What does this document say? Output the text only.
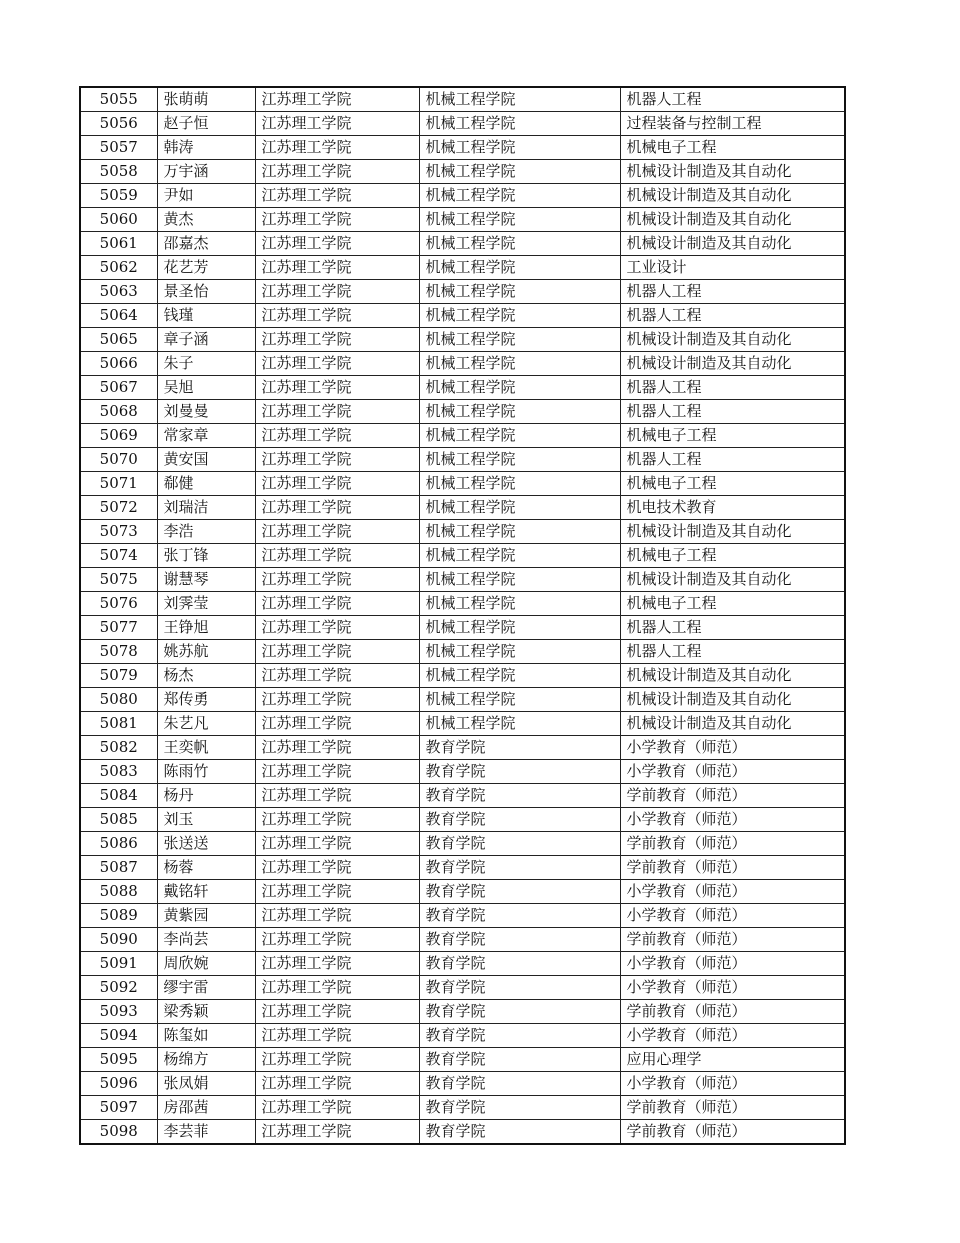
5055	张萌萌	江苏理工学院	机械工程学院	机器人工程
5056	赵子恒	江苏理工学院	机械工程学院	过程装备与控制工程
5057	韩涛	江苏理工学院	机械工程学院	机械电子工程
5058	万宇涵	江苏理工学院	机械工程学院	机械设计制造及其自动化
5059	尹如	江苏理工学院	机械工程学院	机械设计制造及其自动化
5060	黄杰	江苏理工学院	机械工程学院	机械设计制造及其自动化
5061	邵嘉杰	江苏理工学院	机械工程学院	机械设计制造及其自动化
5062	花艺芳	江苏理工学院	机械工程学院	工业设计
5063	景圣怡	江苏理工学院	机械工程学院	机器人工程
5064	钱瑾	江苏理工学院	机械工程学院	机器人工程
5065	章子涵	江苏理工学院	机械工程学院	机械设计制造及其自动化
5066	朱子	江苏理工学院	机械工程学院	机械设计制造及其自动化
5067	吴旭	江苏理工学院	机械工程学院	机器人工程
5068	刘曼曼	江苏理工学院	机械工程学院	机器人工程
5069	常家章	江苏理工学院	机械工程学院	机械电子工程
5070	黄安国	江苏理工学院	机械工程学院	机器人工程
5071	郗健	江苏理工学院	机械工程学院	机械电子工程
5072	刘瑞洁	江苏理工学院	机械工程学院	机电技术教育
5073	李浩	江苏理工学院	机械工程学院	机械设计制造及其自动化
5074	张丁锋	江苏理工学院	机械工程学院	机械电子工程
5075	谢慧琴	江苏理工学院	机械工程学院	机械设计制造及其自动化
5076	刘霁莹	江苏理工学院	机械工程学院	机械电子工程
5077	王铮旭	江苏理工学院	机械工程学院	机器人工程
5078	姚苏航	江苏理工学院	机械工程学院	机器人工程
5079	杨杰	江苏理工学院	机械工程学院	机械设计制造及其自动化
5080	郑传勇	江苏理工学院	机械工程学院	机械设计制造及其自动化
5081	朱艺凡	江苏理工学院	机械工程学院	机械设计制造及其自动化
5082	王奕帆	江苏理工学院	教育学院	小学教育（师范）
5083	陈雨竹	江苏理工学院	教育学院	小学教育（师范）
5084	杨丹	江苏理工学院	教育学院	学前教育（师范）
5085	刘玉	江苏理工学院	教育学院	小学教育（师范）
5086	张送送	江苏理工学院	教育学院	学前教育（师范）
5087	杨蓉	江苏理工学院	教育学院	学前教育（师范）
5088	戴铭轩	江苏理工学院	教育学院	小学教育（师范）
5089	黄紫园	江苏理工学院	教育学院	小学教育（师范）
5090	李尚芸	江苏理工学院	教育学院	学前教育（师范）
5091	周欣婉	江苏理工学院	教育学院	小学教育（师范）
5092	缪宇雷	江苏理工学院	教育学院	小学教育（师范）
5093	梁秀颖	江苏理工学院	教育学院	学前教育（师范）
5094	陈玺如	江苏理工学院	教育学院	小学教育（师范）
5095	杨绵方	江苏理工学院	教育学院	应用心理学
5096	张凤娟	江苏理工学院	教育学院	小学教育（师范）
5097	房邵茜	江苏理工学院	教育学院	学前教育（师范）
5098	李芸菲	江苏理工学院	教育学院	学前教育（师范）
